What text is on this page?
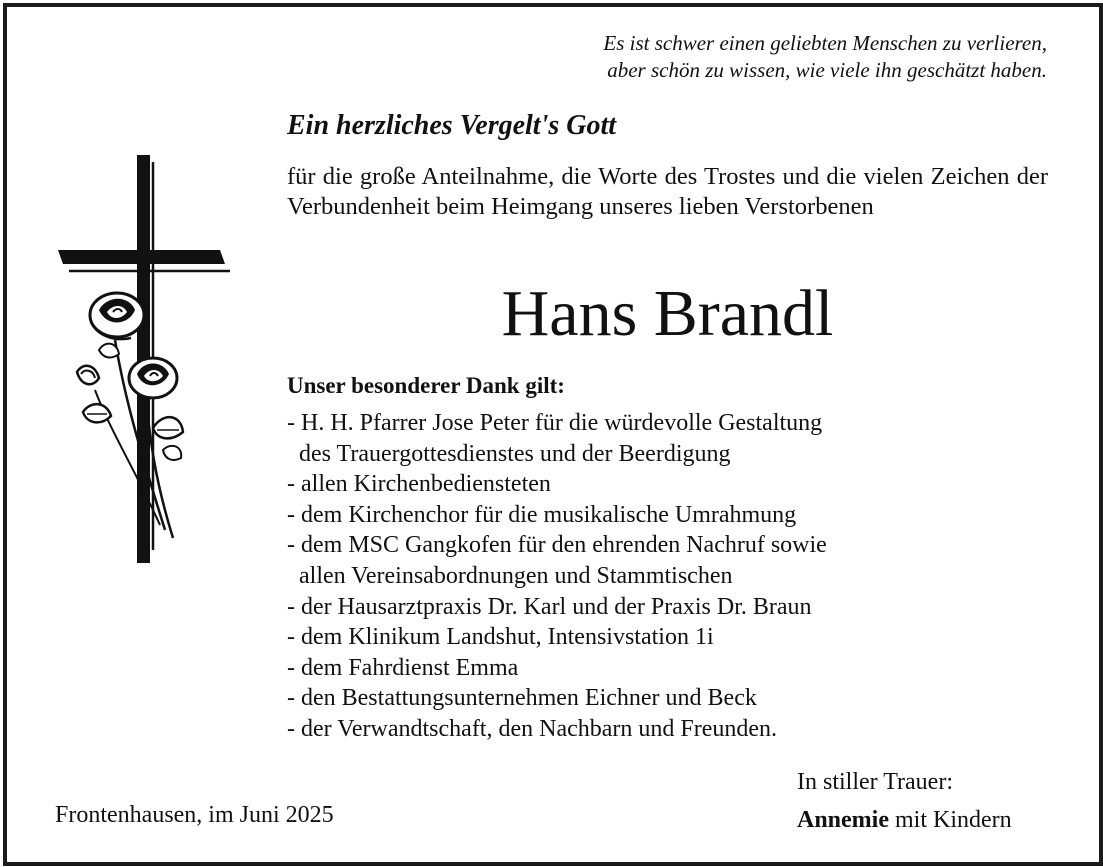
Es ist schwer einen geliebten Menschen zu verlieren,
aber schön zu wissen, wie viele ihn geschätzt haben.
Ein herzliches Vergelt's Gott
für die große Anteilnahme, die Worte des Trostes und die vielen Zeichen der Verbundenheit beim Heimgang unseres lieben Verstorbenen
Hans Brandl
Unser besonderer Dank gilt:
- H. H. Pfarrer Jose Peter für die würdevolle Gestaltung
des Trauergottesdienstes und der Beerdigung
- allen Kirchenbediensteten
- dem Kirchenchor für die musikalische Umrahmung
- dem MSC Gangkofen für den ehrenden Nachruf sowie
allen Vereinsabordnungen und Stammtischen
- der Hausarztpraxis Dr. Karl und der Praxis Dr. Braun
- dem Klinikum Landshut, Intensivstation 1i
- dem Fahrdienst Emma
- den Bestattungsunternehmen Eichner und Beck
- der Verwandtschaft, den Nachbarn und Freunden.
Frontenhausen, im Juni 2025
In stiller Trauer:
Annemie mit Kindern
